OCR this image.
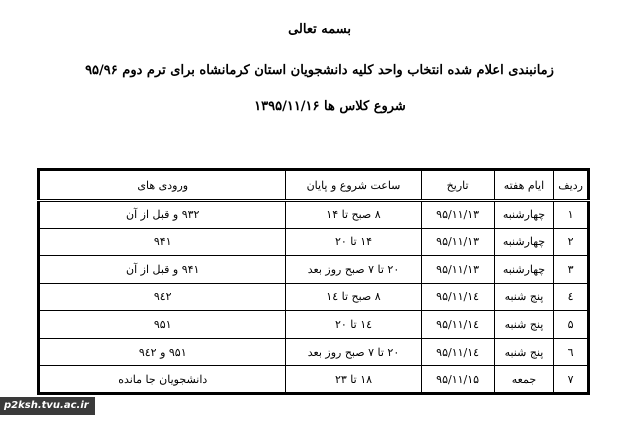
بسمه تعالی
زمانبندی اعلام شده انتخاب واحد کلیه دانشجویان استان کرمانشاه برای ترم دوم ۹۵/۹۶
شروع کلاس ها ۱۳۹۵/۱۱/۱۶
ردیف	ایام هفته	تاریخ	ساعت شروع و پایان	ورودی های
۱	چهارشنبه	۹۵/۱۱/۱۳	۸ صبح تا ۱۴	۹۳۲ و قبل از آن
۲	چهارشنبه	۹۵/۱۱/۱۳	۱۴ تا ۲۰	۹۴۱
۳	چهارشنبه	۹۵/۱۱/۱۳	۲۰ تا ۷ صبح روز بعد	۹۴۱ و قبل از آن
٤	پنج شنبه	۹۵/۱۱/۱٤	۸ صبح تا ۱٤	۹٤۲
۵	پنج شنبه	۹۵/۱۱/۱٤	۱٤ تا ۲۰	۹۵۱
٦	پنج شنبه	۹۵/۱۱/۱٤	۲۰ تا ۷ صبح روز بعد	۹۵۱ و ۹٤۲
۷	جمعه	۹۵/۱۱/۱۵	۱۸ تا ۲۳	دانشجویان جا مانده
p2ksh.tvu.ac.ir
